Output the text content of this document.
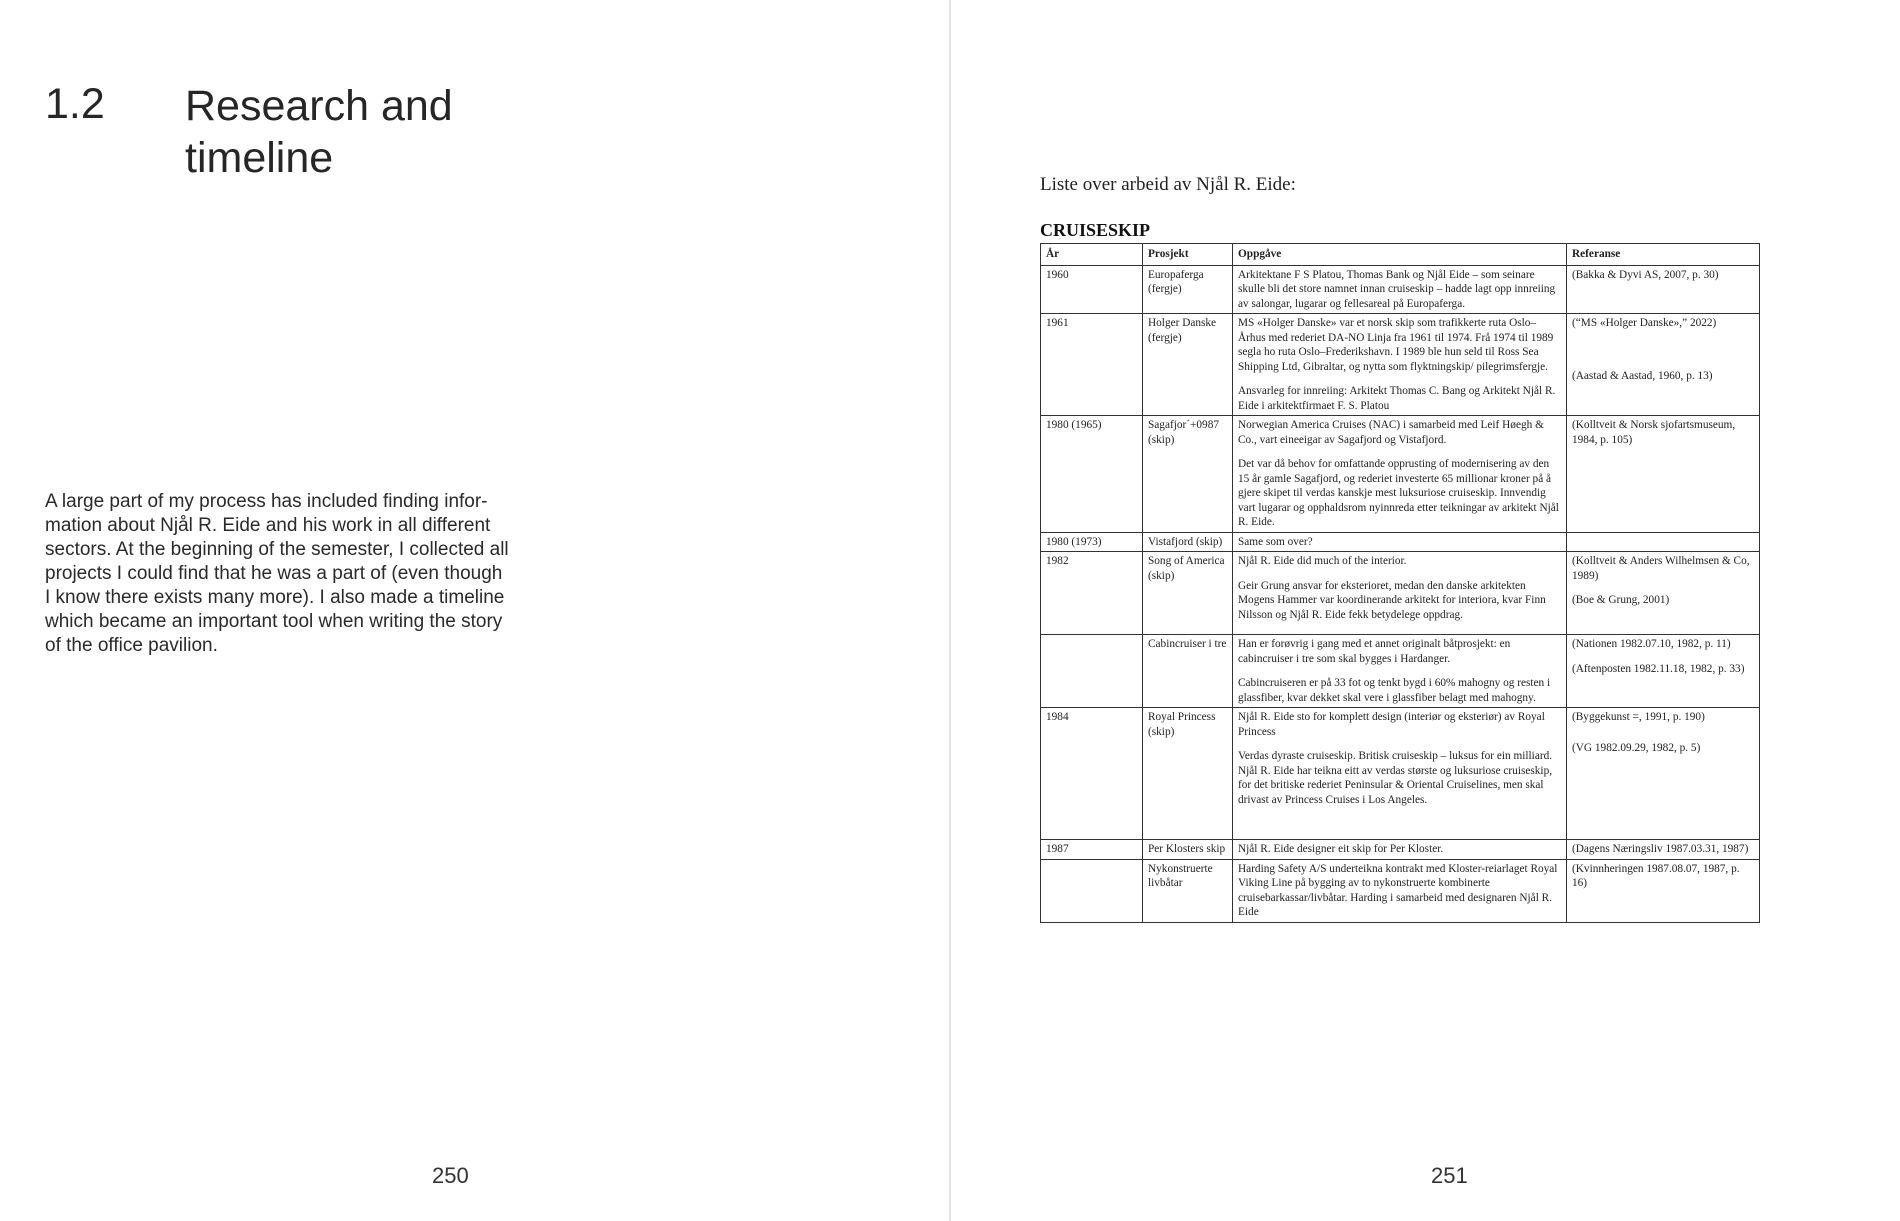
1.2 Research and
timeline
A large part of my process has included finding infor-
mation about Njål R. Eide and his work in all different
sectors. At the beginning of the semester, I collected all
projects I could find that he was a part of (even though
I know there exists many more). I also made a timeline
which became an important tool when writing the story
of the office pavilion.
250
Liste over arbeid av Njål R. Eide:
CRUISESKIP
År	Prosjekt	Oppgåve	Referanse
1960	Europaferga (fergje)	Arkitektane F S Platou, Thomas Bank og Njål Eide – som seinare skulle bli det store namnet innan cruiseskip – hadde lagt opp innreiing av salongar, lugarar og fellesareal på Europaferga.	(Bakka & Dyvi AS, 2007, p. 30)

1961	Holger Danske (fergje)	MS «Holger Danske» var et norsk skip som trafikkerte ruta Oslo–Århus med rederiet DA-NO Linja fra 1961 til 1974. Frå 1974 til 1989 segla ho ruta Oslo–Frederikshavn. I 1989 ble hun seld til Ross Sea Shipping Ltd, Gibraltar, og nytta som flyktningskip/ pilegrimsfergje.
Ansvarleg for innreiing: Arkitekt Thomas C. Bang og Arkitekt Njål R. Eide i arkitektfirmaet F. S. Platou	(“MS «Holger Danske»,” 2022)
(Aastad & Aastad, 1960, p. 13)

1980 (1965)	Sagafjor´+0987 (skip)	Norwegian America Cruises (NAC) i samarbeid med Leif Høegh & Co., vart eineeigar av Sagafjord og Vistafjord.
Det var då behov for omfattande opprusting of modernisering av den 15 år gamle Sagafjord, og rederiet investerte 65 millionar kroner på å gjere skipet til verdas kanskje mest luksuriose cruiseskip. Innvendig vart lugarar og opphaldsrom nyinnreda etter teikningar av arkitekt Njål R. Eide.	(Kolltveit & Norsk sjofartsmuseum, 1984, p. 105)

1980 (1973)	Vistafjord (skip)	Same som over?	

1982	Song of America (skip)	Njål R. Eide did much of the interior.
Geir Grung ansvar for eksterioret, medan den danske arkitekten Mogens Hammer var koordinerande arkitekt for interiora, kvar Finn Nilsson og Njål R. Eide fekk betydelege oppdrag.	(Kolltveit & Anders Wilhelmsen & Co, 1989)
(Boe & Grung, 2001)

	Cabincruiser i tre	Han er forøvrig i gang med et annet originalt båtprosjekt: en cabincruiser i tre som skal bygges i Hardanger.
Cabincruiseren er på 33 fot og tenkt bygd i 60% mahogny og resten i glassfiber, kvar dekket skal vere i glassfiber belagt med mahogny.	(Nationen 1982.07.10, 1982, p. 11)
(Aftenposten 1982.11.18, 1982, p. 33)

1984	Royal Princess (skip)	Njål R. Eide sto for komplett design (interiør og eksteriør) av Royal Princess
Verdas dyraste cruiseskip. Britisk cruiseskip – luksus for ein milliard. Njål R. Eide har teikna eitt av verdas største og luksuriose cruiseskip, for det britiske rederiet Peninsular & Oriental Cruiselines, men skal drivast av Princess Cruises i Los Angeles.	(Byggekunst =, 1991, p. 190)
(VG 1982.09.29, 1982, p. 5)

1987	Per Klosters skip	Njål R. Eide designer eit skip for Per Kloster.	(Dagens Næringsliv 1987.03.31, 1987)

	Nykonstruerte livbåtar	Harding Safety A/S underteikna kontrakt med Kloster-reiarlaget Royal Viking Line på bygging av to nykonstruerte kombinerte cruisebarkassar/livbåtar. Harding i samarbeid med designaren Njål R. Eide	(Kvinnheringen 1987.08.07, 1987, p. 16)
251
